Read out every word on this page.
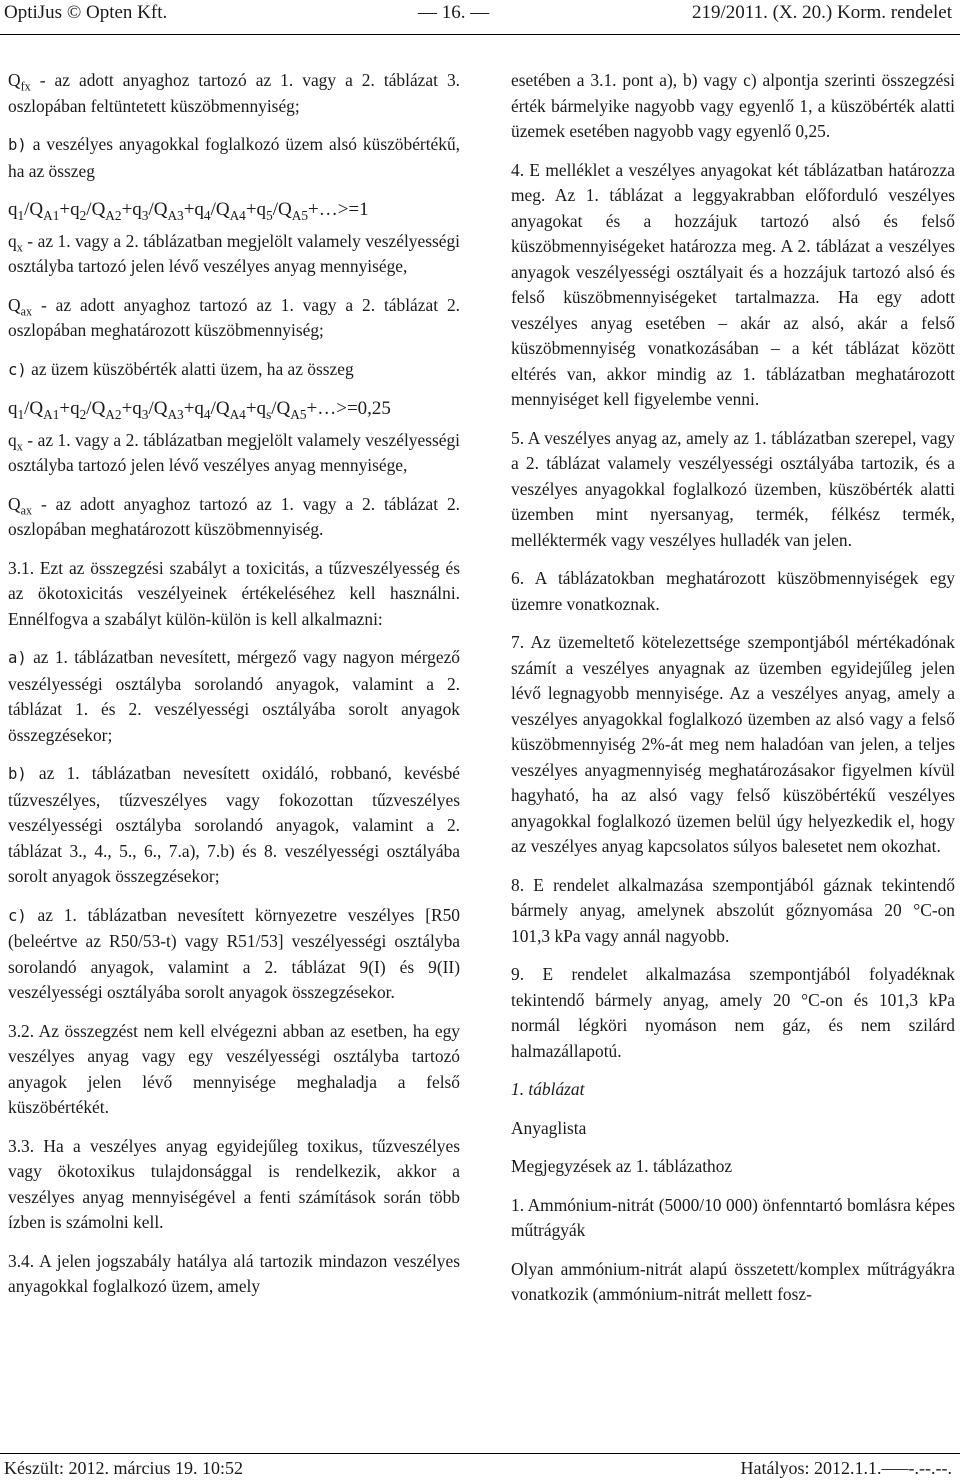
OptiJus © Opten Kft.	— 16. —	219/2011. (X. 20.) Korm. rendelet

$Q_{fx}$ - az adott anyaghoz tartozó az 1. vagy a 2. táblázat 3. oszlopában feltüntetett küszöbmennyiség;

b) a veszélyes anyagokkal foglalkozó üzem alsó küszöbértékű, ha az összeg

$q_1/Q_{A1}+q_2/Q_{A2}+q_3/Q_{A3}+q_4/Q_{A4}+q_5/Q_{A5}+\dots>=1$

$q_x$ - az 1. vagy a 2. táblázatban megjelölt valamely veszélyességi osztályba tartozó jelen lévő veszélyes anyag mennyisége,

$Q_{ax}$ - az adott anyaghoz tartozó az 1. vagy a 2. táblázat 2. oszlopában meghatározott küszöbmennyiség;

c) az üzem küszöbérték alatti üzem, ha az összeg

$q_1/Q_{A1}+q_2/Q_{A2}+q_3/Q_{A3}+q_4/Q_{A4}+q_s/Q_{A5}+\dots>=0,25$

$q_x$ - az 1. vagy a 2. táblázatban megjelölt valamely veszélyességi osztályba tartozó jelen lévő veszélyes anyag mennyisége,

$Q_{ax}$ - az adott anyaghoz tartozó az 1. vagy a 2. táblázat 2. oszlopában meghatározott küszöbmennyiség.

3.1. Ezt az összegzési szabályt a toxicitás, a tűzveszélyesség és az ökotoxicitás veszélyeinek értékeléséhez kell használni. Ennélfogva a szabályt külön-külön is kell alkalmazni:

a) az 1. táblázatban nevesített, mérgező vagy nagyon mérgező veszélyességi osztályba sorolandó anyagok, valamint a 2. táblázat 1. és 2. veszélyességi osztályába sorolt anyagok összegzésekor;

b) az 1. táblázatban nevesített oxidáló, robbanó, kevésbé tűzveszélyes, tűzveszélyes vagy fokozottan tűzveszélyes veszélyességi osztályba sorolandó anyagok, valamint a 2. táblázat 3., 4., 5., 6., 7.a), 7.b) és 8. veszélyességi osztályába sorolt anyagok összegzésekor;

c) az 1. táblázatban nevesített környezetre veszélyes [R50 (beleértve az R50/53-t) vagy R51/53] veszélyességi osztályba sorolandó anyagok, valamint a 2. táblázat 9(I) és 9(II) veszélyességi osztályába sorolt anyagok összegzésekor.

3.2. Az összegzést nem kell elvégezni abban az esetben, ha egy veszélyes anyag vagy egy veszélyességi osztályba tartozó anyagok jelen lévő mennyisége meghaladja a felső küszöbértékét.

3.3. Ha a veszélyes anyag egyidejűleg toxikus, tűzveszélyes vagy ökotoxikus tulajdonsággal is rendelkezik, akkor a veszélyes anyag mennyiségével a fenti számítások során több ízben is számolni kell.

3.4. A jelen jogszabály hatálya alá tartozik mindazon veszélyes anyagokkal foglalkozó üzem, amely

esetében a 3.1. pont a), b) vagy c) alpontja szerinti összegzési érték bármelyike nagyobb vagy egyenlő 1, a küszöbérték alatti üzemek esetében nagyobb vagy egyenlő 0,25.

4. E melléklet a veszélyes anyagokat két táblázatban határozza meg. Az 1. táblázat a leggyakrabban előforduló veszélyes anyagokat és a hozzájuk tartozó alsó és felső küszöbmennyiségeket határozza meg. A 2. táblázat a veszélyes anyagok veszélyességi osztályait és a hozzájuk tartozó alsó és felső küszöbmennyiségeket tartalmazza. Ha egy adott veszélyes anyag esetében – akár az alsó, akár a felső küszöbmennyiség vonatkozásában – a két táblázat között eltérés van, akkor mindig az 1. táblázatban meghatározott mennyiséget kell figyelembe venni.

5. A veszélyes anyag az, amely az 1. táblázatban szerepel, vagy a 2. táblázat valamely veszélyességi osztályába tartozik, és a veszélyes anyagokkal foglalkozó üzemben, küszöbérték alatti üzemben mint nyersanyag, termék, félkész termék, melléktermék vagy veszélyes hulladék van jelen.

6. A táblázatokban meghatározott küszöbmennyiségek egy üzemre vonatkoznak.

7. Az üzemeltető kötelezettsége szempontjából mértékadónak számít a veszélyes anyagnak az üzemben egyidejűleg jelen lévő legnagyobb mennyisége. Az a veszélyes anyag, amely a veszélyes anyagokkal foglalkozó üzemben az alsó vagy a felső küszöbmennyiség 2%-át meg nem haladóan van jelen, a teljes veszélyes anyagmennyiség meghatározásakor figyelmen kívül hagyható, ha az alsó vagy felső küszöbértékű veszélyes anyagokkal foglalkozó üzemen belül úgy helyezkedik el, hogy az veszélyes anyag kapcsolatos súlyos balesetet nem okozhat.

8. E rendelet alkalmazása szempontjából gáznak tekintendő bármely anyag, amelynek abszolút gőznyomása 20 °C-on 101,3 kPa vagy annál nagyobb.

9. E rendelet alkalmazása szempontjából folyadéknak tekintendő bármely anyag, amely 20 °C-on és 101,3 kPa normál légköri nyomáson nem gáz, és nem szilárd halmazállapotú.

1. táblázat

Anyaglista

Megjegyzések az 1. táblázathoz

1. Ammónium-nitrát (5000/10 000) önfenntartó bomlásra képes műtrágyák

Olyan ammónium-nitrát alapú összetett/komplex műtrágyákra vonatkozik (ammónium-nitrát mellett fosz-

Készült: 2012. március 19. 10:52	Hatályos: 2012.1.1.–––-.--.--.
